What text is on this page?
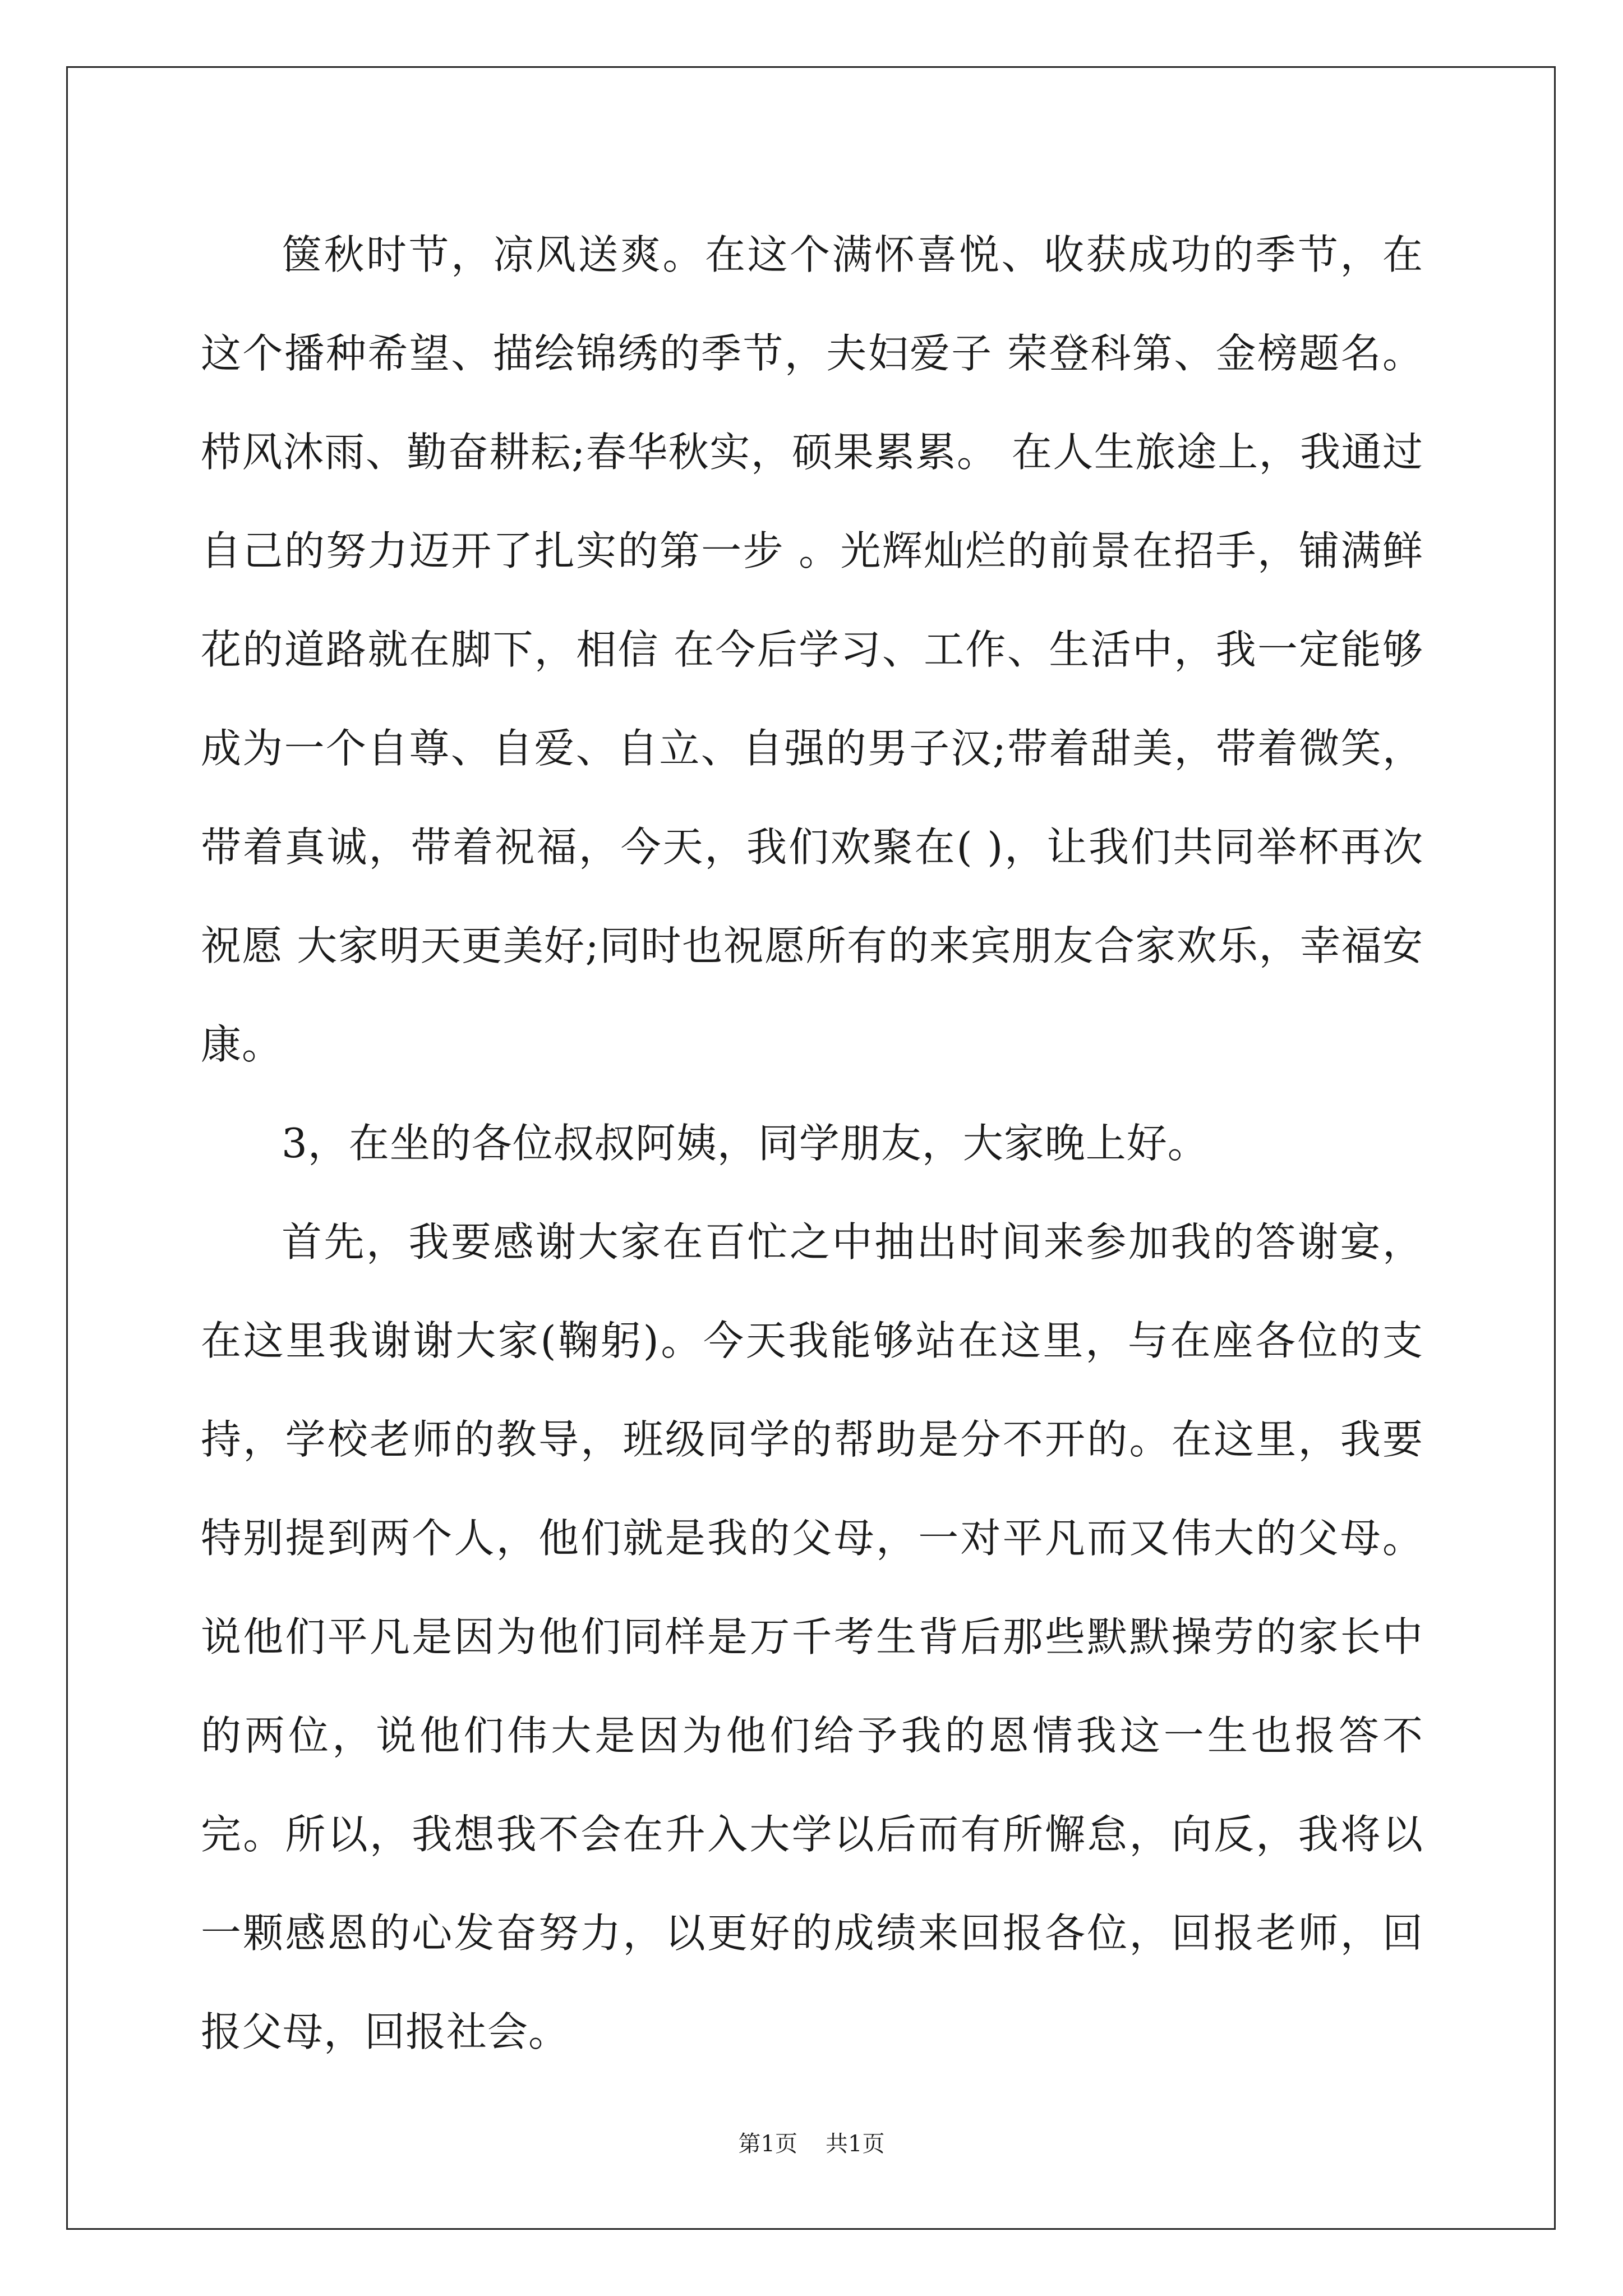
箧秋时节，凉风送爽。在这个满怀喜悦、收获成功的季节，在这个播种希望、描绘锦绣的季节，夫妇爱子 荣登科第、金榜题名。栉风沐雨、勤奋耕耘;春华秋实，硕果累累。 在人生旅途上，我通过自己的努力迈开了扎实的第一步 。光辉灿烂的前景在招手，铺满鲜花的道路就在脚下，相信 在今后学习、工作、生活中，我一定能够成为一个自尊、自爱、自立、自强的男子汉;带着甜美，带着微笑，带着真诚，带着祝福，今天，我们欢聚在( )，让我们共同举杯再次祝愿 大家明天更美好;同时也祝愿所有的来宾朋友合家欢乐，幸福安康。

3，在坐的各位叔叔阿姨，同学朋友，大家晚上好。

首先，我要感谢大家在百忙之中抽出时间来参加我的答谢宴，在这里我谢谢大家(鞠躬)。今天我能够站在这里，与在座各位的支持，学校老师的教导，班级同学的帮助是分不开的。在这里，我要特别提到两个人，他们就是我的父母，一对平凡而又伟大的父母。说他们平凡是因为他们同样是万千考生背后那些默默操劳的家长中的两位，说他们伟大是因为他们给予我的恩情我这一生也报答不完。所以，我想我不会在升入大学以后而有所懈怠，向反，我将以一颗感恩的心发奋努力，以更好的成绩来回报各位，回报老师，回报父母，回报社会。

第1页 共1页
